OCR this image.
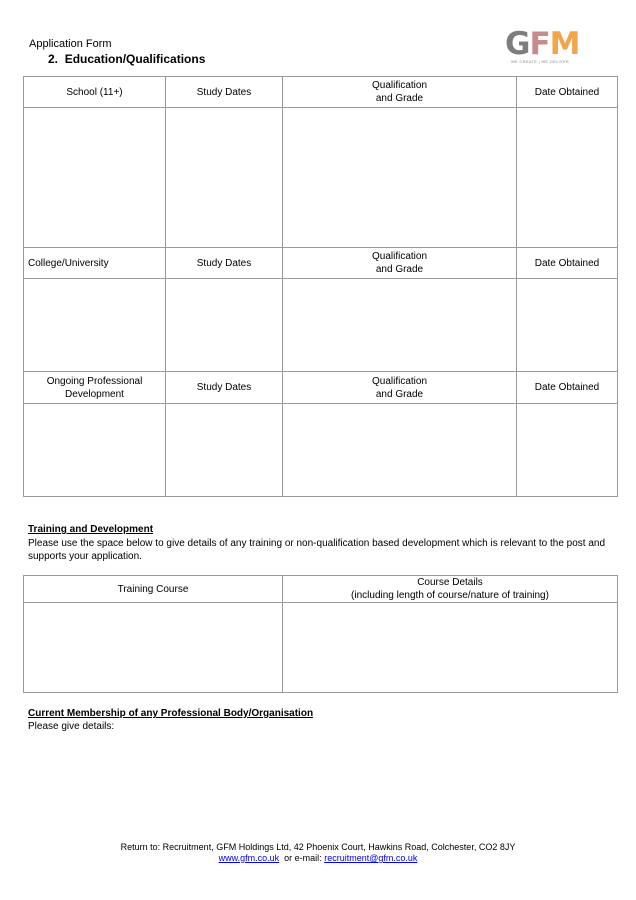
Application Form
2. Education/Qualifications	GFM
WE CREATE | WE DELIVER
School (11+)	Study Dates	Qualification and Grade	Date Obtained

College/University	Study Dates	Qualification and Grade	Date Obtained

Ongoing Professional Development	Study Dates	Qualification and Grade	Date Obtained

Training and Development
Please use the space below to give details of any training or non-qualification based development which is relevant to the post and supports your application.
Training Course	Course Details
(including length of course/nature of training)

Current Membership of any Professional Body/Organisation
Please give details:
Return to: Recruitment, GFM Holdings Ltd, 42 Phoenix Court, Hawkins Road, Colchester, CO2 8JY
www.gfm.co.uk or e-mail: recruitment@gfm.co.uk
